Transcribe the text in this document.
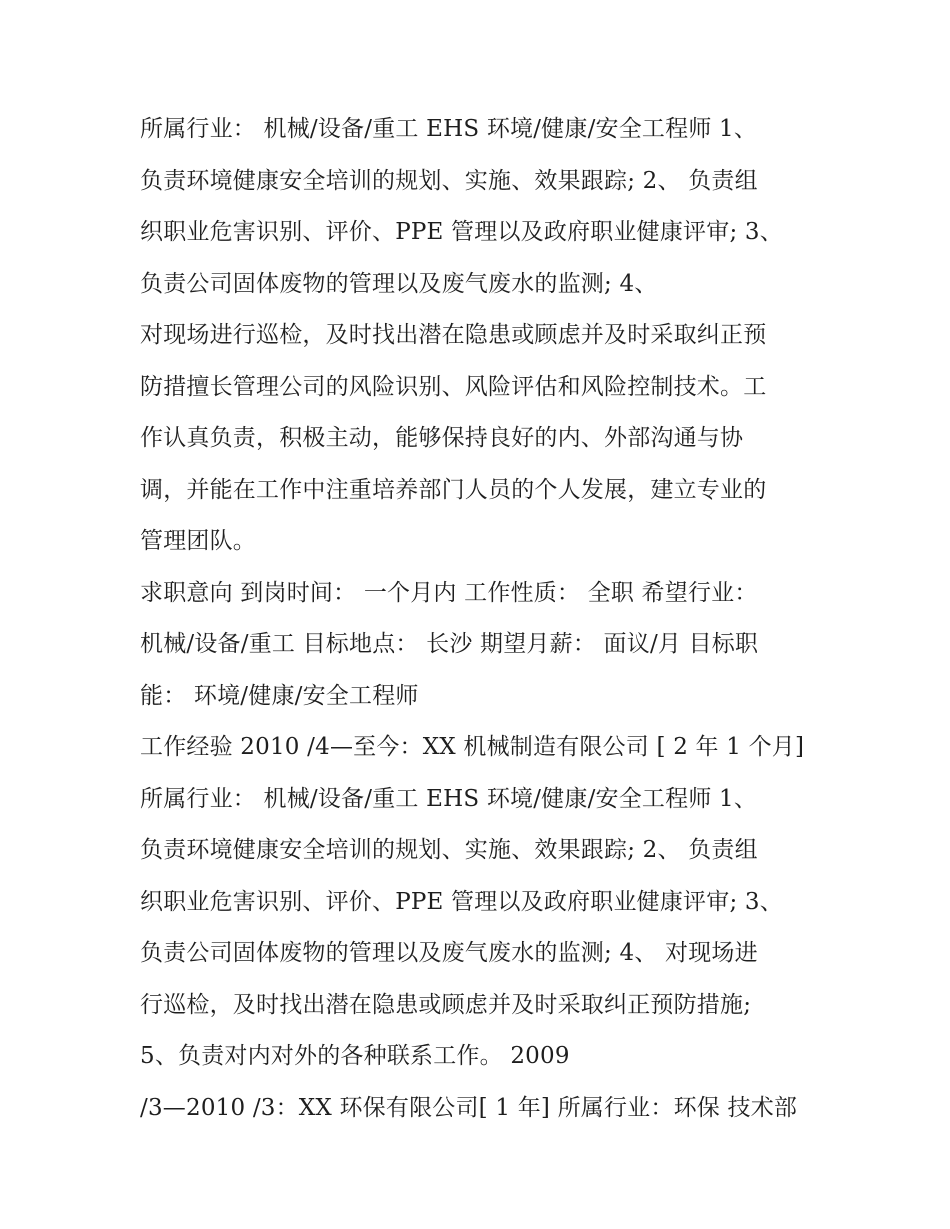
所属行业： 机械/设备/重工 EHS 环境/健康/安全工程师 1、
负责环境健康安全培训的规划、实施、效果跟踪; 2、 负责组
织职业危害识别、评价、PPE 管理以及政府职业健康评审; 3、
负责公司固体废物的管理以及废气废水的监测; 4、
对现场进行巡检，及时找出潜在隐患或顾虑并及时采取纠正预
防措擅长管理公司的风险识别、风险评估和风险控制技术。工
作认真负责，积极主动，能够保持良好的内、外部沟通与协
调，并能在工作中注重培养部门人员的个人发展，建立专业的
管理团队。
求职意向 到岗时间： 一个月内 工作性质： 全职 希望行业：
机械/设备/重工 目标地点： 长沙 期望月薪： 面议/月 目标职
能： 环境/健康/安全工程师
工作经验 2010 /4—至今：XX 机械制造有限公司 [ 2 年 1 个月]
所属行业： 机械/设备/重工 EHS 环境/健康/安全工程师 1、
负责环境健康安全培训的规划、实施、效果跟踪; 2、 负责组
织职业危害识别、评价、PPE 管理以及政府职业健康评审; 3、
负责公司固体废物的管理以及废气废水的监测; 4、 对现场进
行巡检，及时找出潜在隐患或顾虑并及时采取纠正预防措施;
5、负责对内对外的各种联系工作。 2009
/3—2010 /3：XX 环保有限公司[ 1 年] 所属行业：环保 技术部
